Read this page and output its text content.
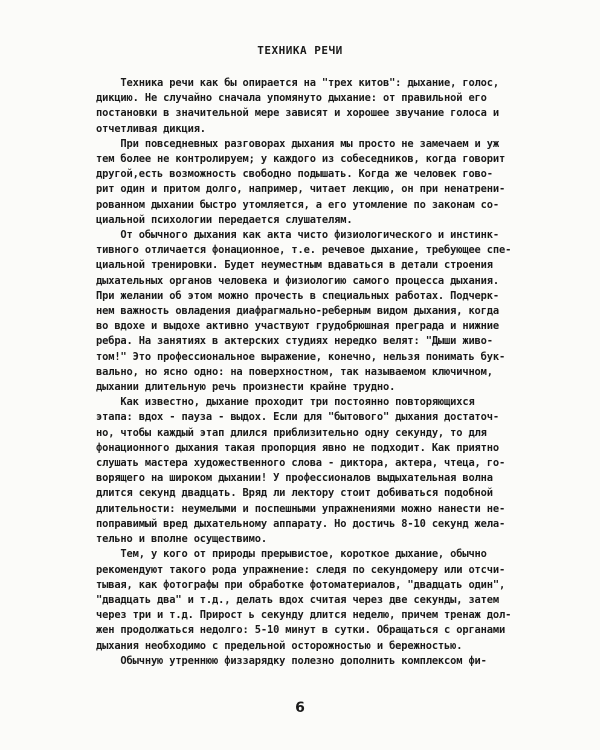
ТЕХНИКА РЕЧИ
Техника речи как бы опирается на "трех китов": дыхание, голос,
дикцию. Не случайно сначала упомянуто дыхание: от правильной его
постановки в значительной мере зависят и хорошее звучание голоса и
отчетливая дикция.
При повседневных разговорах дыхания мы просто не замечаем и уж
тем более не контролируем; у каждого из собеседников, когда говорит
другой,есть возможность свободно подышать. Когда же человек гово-
рит один и притом долго, например, читает лекцию, он при ненатрени-
рованном дыхании быстро утомляется, а его утомление по законам со-
циальной психологии передается слушателям.
От обычного дыхания как акта чисто физиологического и инстинк-
тивного отличается фонационное, т.е. речевое дыхание, требующее спе-
циальной тренировки. Будет неуместным вдаваться в детали строения
дыхательных органов человека и физиологию самого процесса дыхания.
При желании об этом можно прочесть в специальных работах. Подчерк-
нем важность овладения диафрагмально-реберным видом дыхания, когда
во вдохе и выдохе активно участвуют грудобрюшная преграда и нижние
ребра. На занятиях в актерских студиях нередко велят: "Дыши живо-
том!" Это профессиональное выражение, конечно, нельзя понимать бук-
вально, но ясно одно: на поверхностном, так называемом ключичном,
дыхании длительную речь произнести крайне трудно.
Как известно, дыхание проходит три постоянно повторяющихся
этапа: вдох - пауза - выдох. Если для "бытового" дыхания достаточ-
но, чтобы каждый этап длился приблизительно одну секунду, то для
фонационного дыхания такая пропорция явно не подходит. Как приятно
слушать мастера художественного слова - диктора, актера, чтеца, го-
ворящего на широком дыхании! У профессионалов выдыхательная волна
длится секунд двадцать. Вряд ли лектору стоит добиваться подобной
длительности: неумелыми и поспешными упражнениями можно нанести не-
поправимый вред дыхательному аппарату. Но достичь 8-10 секунд жела-
тельно и вполне осуществимо.
Тем, у кого от природы прерывистое, короткое дыхание, обычно
рекомендуют такого рода упражнение: следя по секундомеру или отсчи-
тывая, как фотографы при обработке фотоматериалов, "двадцать один",
"двадцать два" и т.д., делать вдох считая через две секунды, затем
через три и т.д. Прирост ь секунду длится неделю, причем тренаж дол-
жен продолжаться недолго: 5-10 минут в сутки. Обращаться с органами
дыхания необходимо с предельной осторожностью и бережностью.
Обычную утреннюю физзарядку полезно дополнить комплексом фи-
6
